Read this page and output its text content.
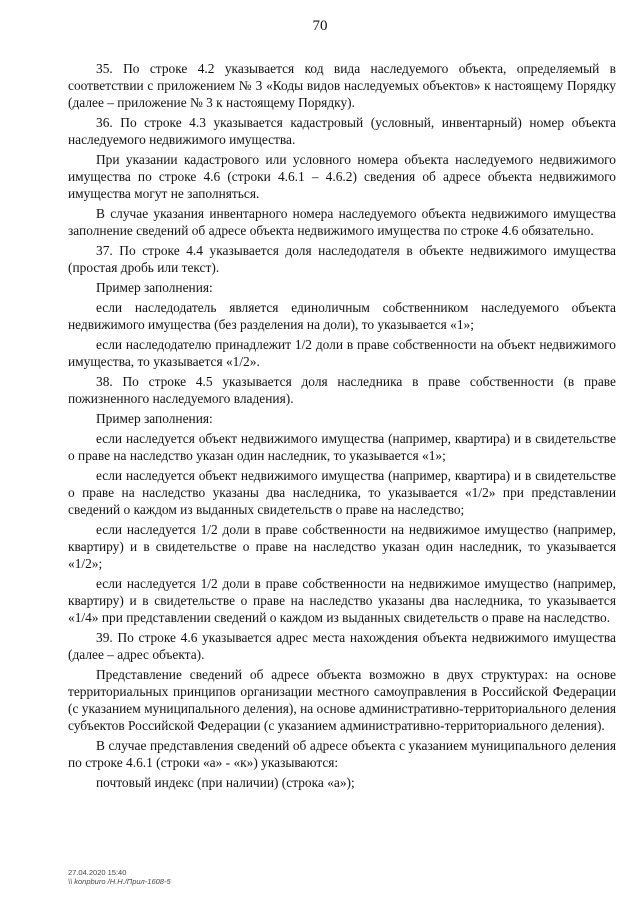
70

35. По строке 4.2 указывается код вида наследуемого объекта, определяемый в соответствии с приложением № 3 «Коды видов наследуемых объектов» к настоящему Порядку (далее – приложение № 3 к настоящему Порядку).

36. По строке 4.3 указывается кадастровый (условный, инвентарный) номер объекта наследуемого недвижимого имущества.

При указании кадастрового или условного номера объекта наследуемого недвижимого имущества по строке 4.6 (строки 4.6.1 – 4.6.2) сведения об адресе объекта недвижимого имущества могут не заполняться.

В случае указания инвентарного номера наследуемого объекта недвижимого имущества заполнение сведений об адресе объекта недвижимого имущества по строке 4.6 обязательно.

37. По строке 4.4 указывается доля наследодателя в объекте недвижимого имущества (простая дробь или текст).

Пример заполнения:

если наследодатель является единоличным собственником наследуемого объекта недвижимого имущества (без разделения на доли), то указывается «1»;

если наследодателю принадлежит 1/2 доли в праве собственности на объект недвижимого имущества, то указывается «1/2».

38. По строке 4.5 указывается доля наследника в праве собственности (в праве пожизненного наследуемого владения).

Пример заполнения:

если наследуется объект недвижимого имущества (например, квартира) и в свидетельстве о праве на наследство указан один наследник, то указывается «1»;

если наследуется объект недвижимого имущества (например, квартира) и в свидетельстве о праве на наследство указаны два наследника, то указывается «1/2» при представлении сведений о каждом из выданных свидетельств о праве на наследство;

если наследуется 1/2 доли в праве собственности на недвижимое имущество (например, квартиру) и в свидетельстве о праве на наследство указан один наследник, то указывается «1/2»;

если наследуется 1/2 доли в праве собственности на недвижимое имущество (например, квартиру) и в свидетельстве о праве на наследство указаны два наследника, то указывается «1/4» при представлении сведений о каждом из выданных свидетельств о праве на наследство.

39. По строке 4.6 указывается адрес места нахождения объекта недвижимого имущества (далее – адрес объекта).

Представление сведений об адресе объекта возможно в двух структурах: на основе территориальных принципов организации местного самоуправления в Российской Федерации (с указанием муниципального деления), на основе административно-территориального деления субъектов Российской Федерации (с указанием административно-территориального деления).

В случае представления сведений об адресе объекта с указанием муниципального деления по строке 4.6.1 (строки «а» - «к») указываются:

почтовый индекс (при наличии) (строка «а»);

27.04.2020 15:40
\\ konpburo /Н.Н./Прил-1608-5
